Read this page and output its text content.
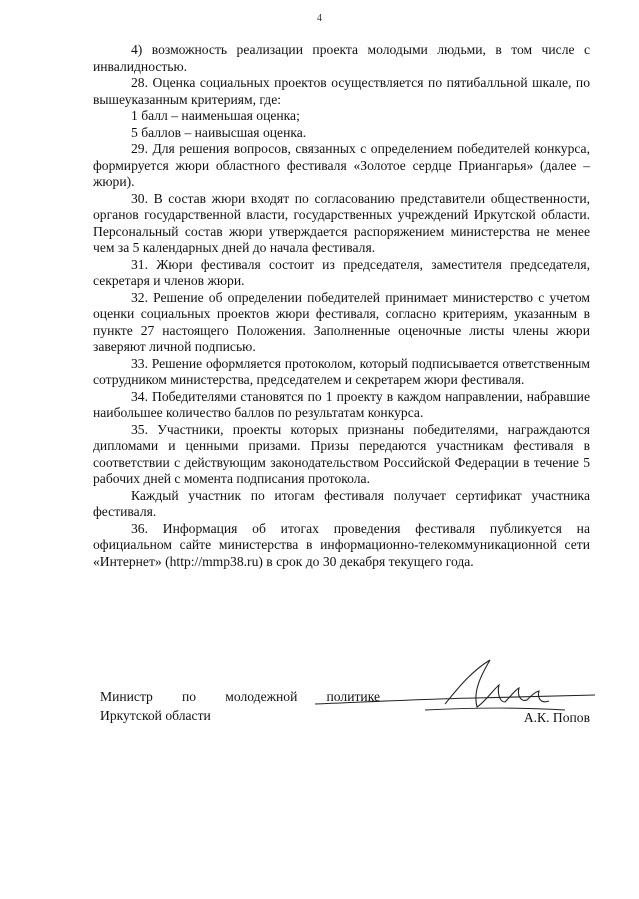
4

4) возможность реализации проекта молодыми людьми, в том числе с инвалидностью.

28. Оценка социальных проектов осуществляется по пятибалльной шкале, по вышеуказанным критериям, где:

1 балл – наименьшая оценка;

5 баллов – наивысшая оценка.

29. Для решения вопросов, связанных с определением победителей конкурса, формируется жюри областного фестиваля «Золотое сердце Приангарья» (далее – жюри).

30. В состав жюри входят по согласованию представители общественности, органов государственной власти, государственных учреждений Иркутской области. Персональный состав жюри утверждается распоряжением министерства не менее чем за 5 календарных дней до начала фестиваля.

31. Жюри фестиваля состоит из председателя, заместителя председателя, секретаря и членов жюри.

32. Решение об определении победителей принимает министерство с учетом оценки социальных проектов жюри фестиваля, согласно критериям, указанным в пункте 27 настоящего Положения. Заполненные оценочные листы члены жюри заверяют личной подписью.

33. Решение оформляется протоколом, который подписывается ответственным сотрудником министерства, председателем и секретарем жюри фестиваля.

34. Победителями становятся по 1 проекту в каждом направлении, набравшие наибольшее количество баллов по результатам конкурса.

35. Участники, проекты которых признаны победителями, награждаются дипломами и ценными призами. Призы передаются участникам фестиваля в соответствии с действующим законодательством Российской Федерации в течение 5 рабочих дней с момента подписания протокола.

Каждый участник по итогам фестиваля получает сертификат участника фестиваля.

36. Информация об итогах проведения фестиваля публикуется на официальном сайте министерства в информационно-телекоммуникационной сети «Интернет» (http://mmp38.ru) в срок до 30 декабря текущего года.

Министр по молодежной политике
Иркутской области	А.К. Попов
